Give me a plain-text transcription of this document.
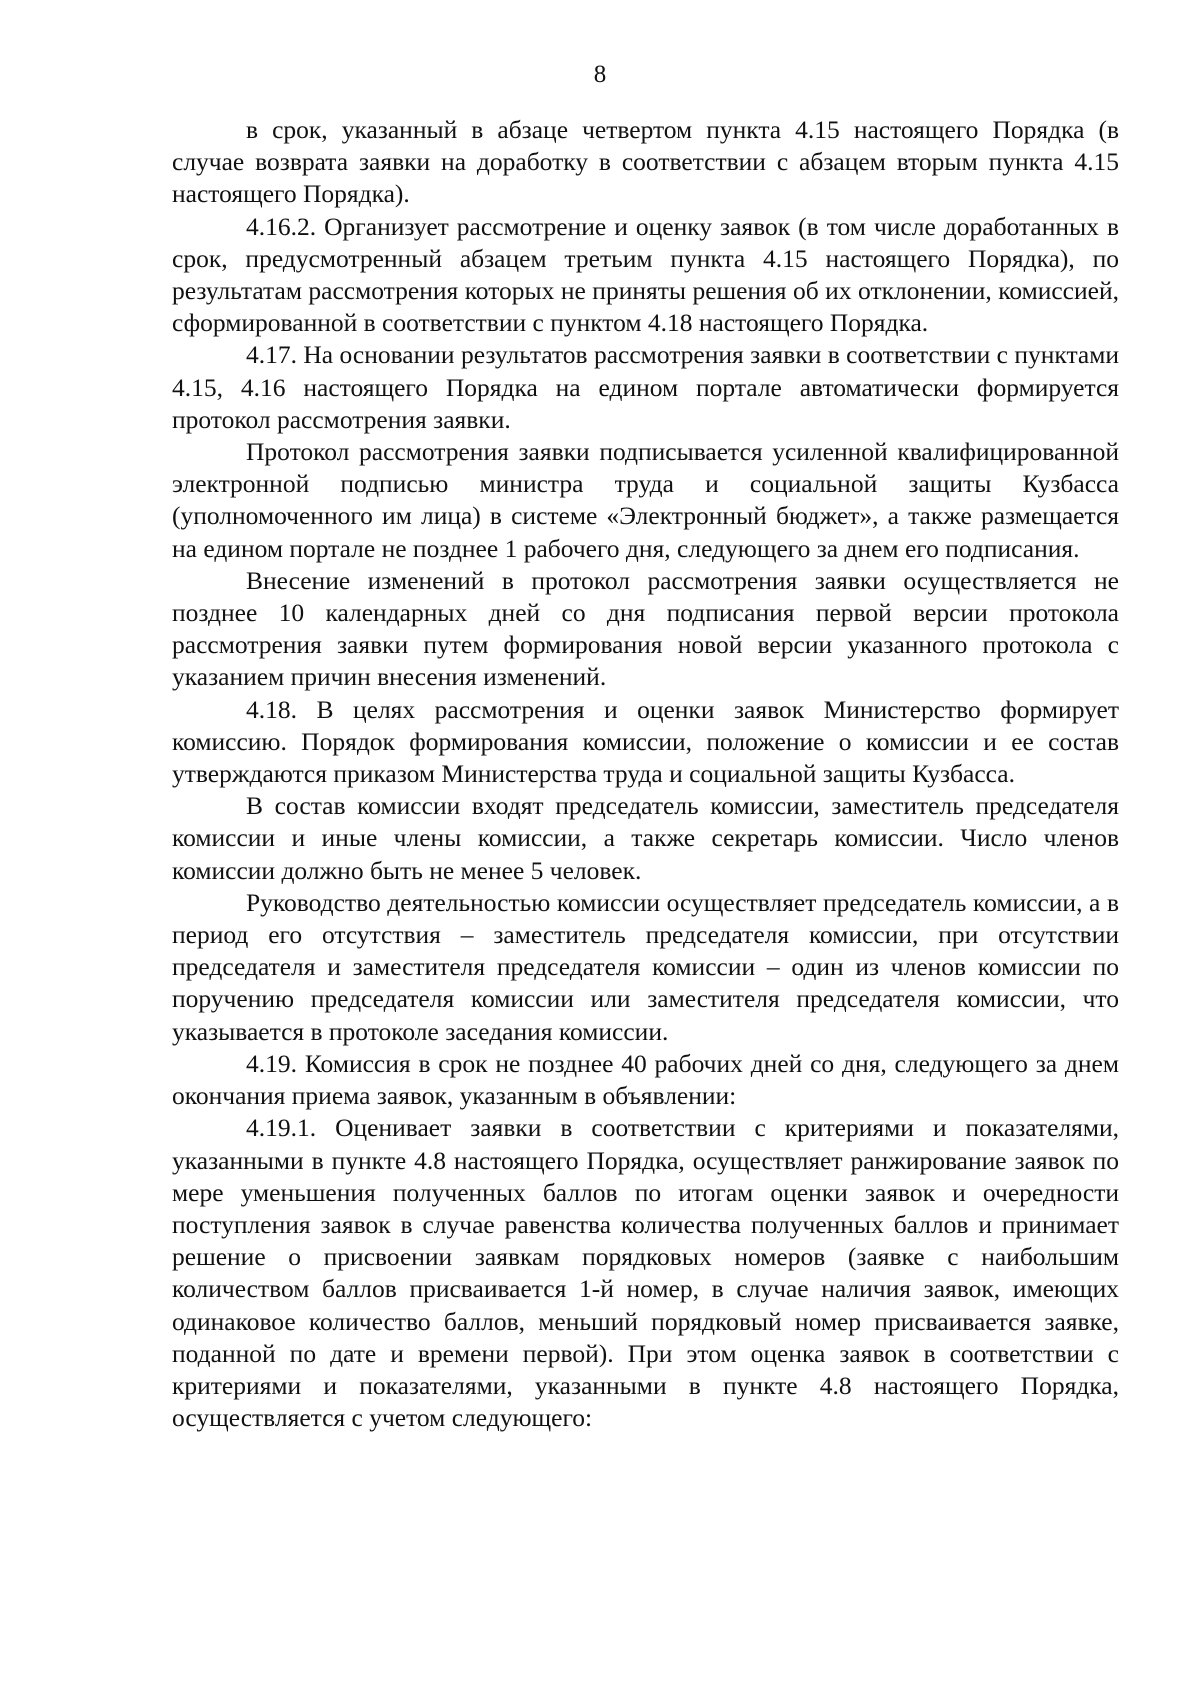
8

в срок, указанный в абзаце четвертом пункта 4.15 настоящего Порядка (в случае возврата заявки на доработку в соответствии с абзацем вторым пункта 4.15 настоящего Порядка).

4.16.2. Организует рассмотрение и оценку заявок (в том числе доработанных в срок, предусмотренный абзацем третьим пункта 4.15 настоящего Порядка), по результатам рассмотрения которых не приняты решения об их отклонении, комиссией, сформированной в соответствии с пунктом 4.18 настоящего Порядка.

4.17. На основании результатов рассмотрения заявки в соответствии с пунктами 4.15, 4.16 настоящего Порядка на едином портале автоматически формируется протокол рассмотрения заявки.

Протокол рассмотрения заявки подписывается усиленной квалифицированной электронной подписью министра труда и социальной защиты Кузбасса (уполномоченного им лица) в системе «Электронный бюджет», а также размещается на едином портале не позднее 1 рабочего дня, следующего за днем его подписания.

Внесение изменений в протокол рассмотрения заявки осуществляется не позднее 10 календарных дней со дня подписания первой версии протокола рассмотрения заявки путем формирования новой версии указанного протокола с указанием причин внесения изменений.

4.18. В целях рассмотрения и оценки заявок Министерство формирует комиссию. Порядок формирования комиссии, положение о комиссии и ее состав утверждаются приказом Министерства труда и социальной защиты Кузбасса.

В состав комиссии входят председатель комиссии, заместитель председателя комиссии и иные члены комиссии, а также секретарь комиссии. Число членов комиссии должно быть не менее 5 человек.

Руководство деятельностью комиссии осуществляет председатель комиссии, а в период его отсутствия – заместитель председателя комиссии, при отсутствии председателя и заместителя председателя комиссии – один из членов комиссии по поручению председателя комиссии или заместителя председателя комиссии, что указывается в протоколе заседания комиссии.

4.19. Комиссия в срок не позднее 40 рабочих дней со дня, следующего за днем окончания приема заявок, указанным в объявлении:

4.19.1. Оценивает заявки в соответствии с критериями и показателями, указанными в пункте 4.8 настоящего Порядка, осуществляет ранжирование заявок по мере уменьшения полученных баллов по итогам оценки заявок и очередности поступления заявок в случае равенства количества полученных баллов и принимает решение о присвоении заявкам порядковых номеров (заявке с наибольшим количеством баллов присваивается 1-й номер, в случае наличия заявок, имеющих одинаковое количество баллов, меньший порядковый номер присваивается заявке, поданной по дате и времени первой). При этом оценка заявок в соответствии с критериями и показателями, указанными в пункте 4.8 настоящего Порядка, осуществляется с учетом следующего:
